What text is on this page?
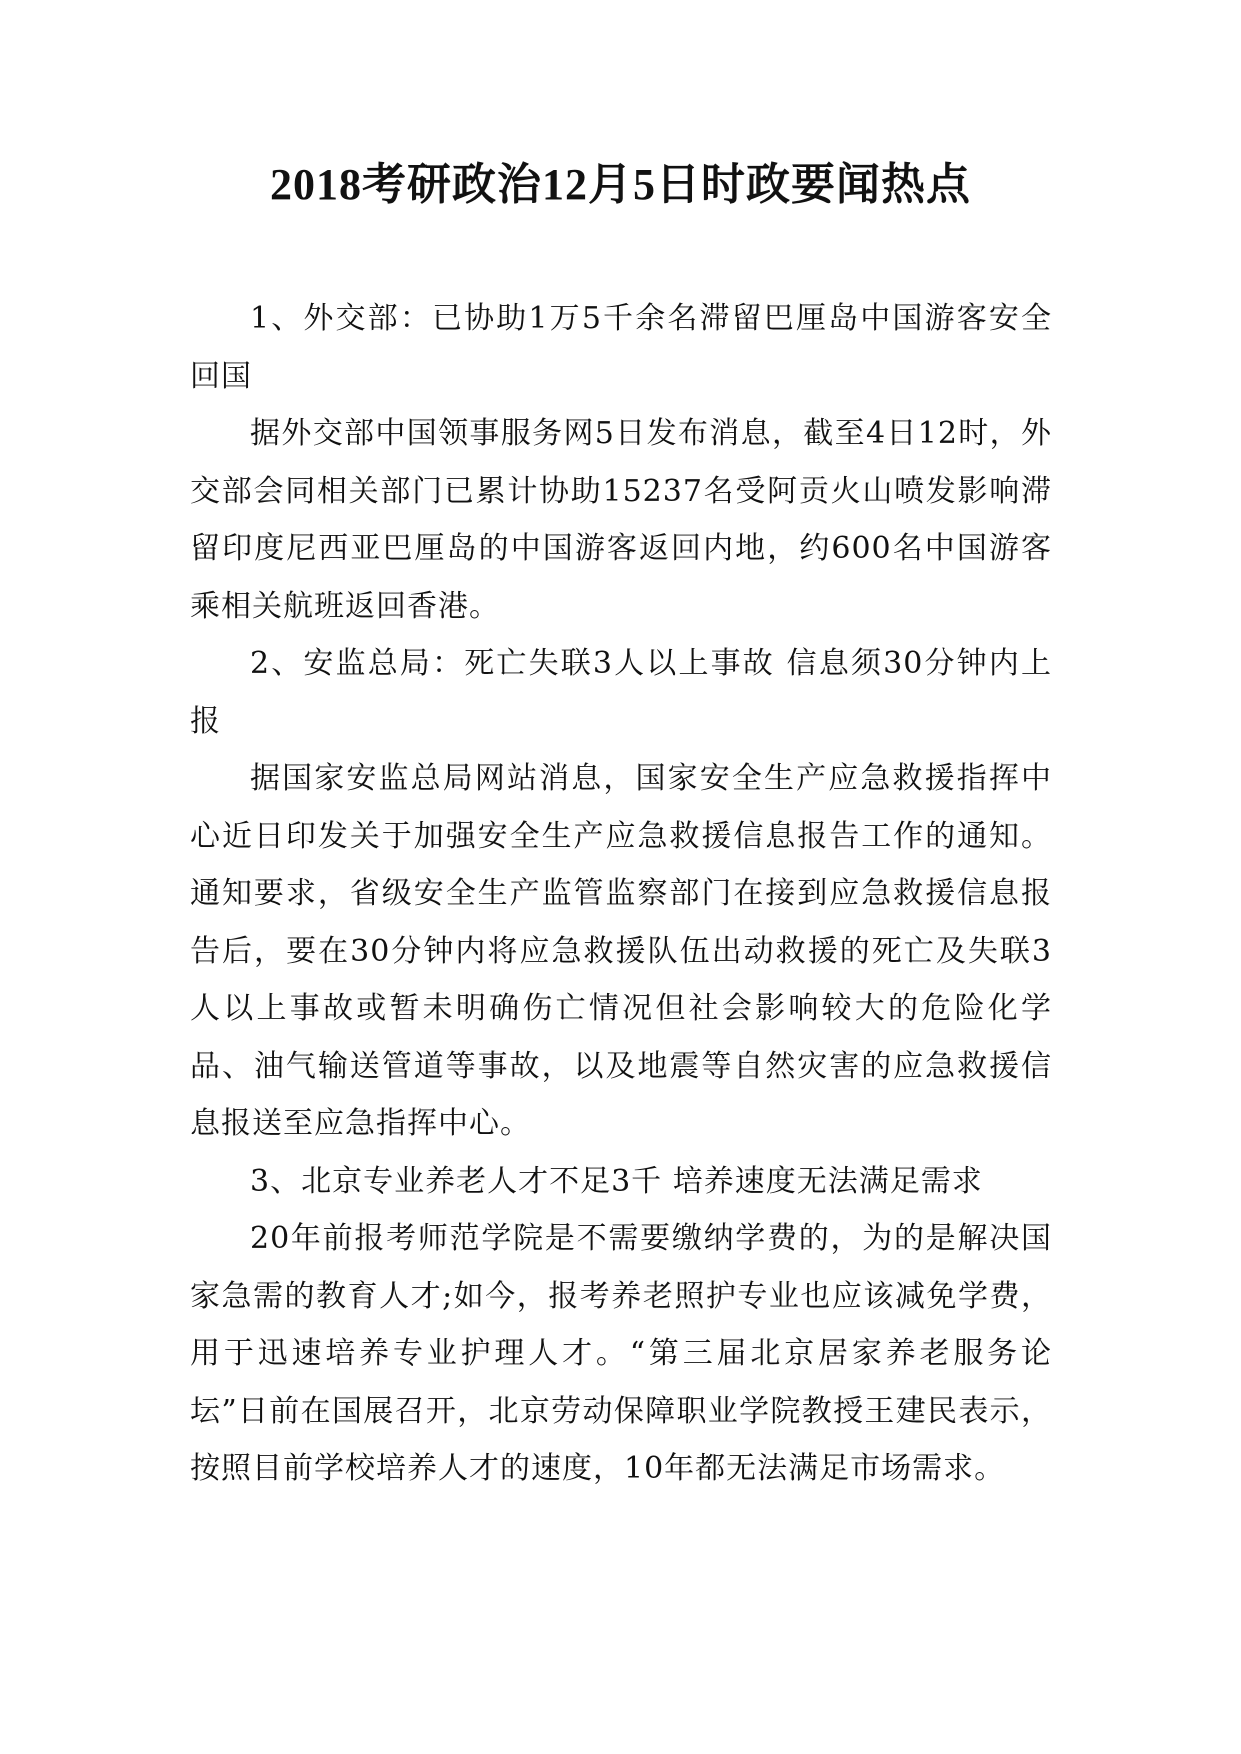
2018考研政治12月5日时政要闻热点

1、外交部：已协助1万5千余名滞留巴厘岛中国游客安全回国

据外交部中国领事服务网5日发布消息，截至4日12时，外交部会同相关部门已累计协助15237名受阿贡火山喷发影响滞留印度尼西亚巴厘岛的中国游客返回内地，约600名中国游客乘相关航班返回香港。

2、安监总局：死亡失联3人以上事故 信息须30分钟内上报

据国家安监总局网站消息，国家安全生产应急救援指挥中心近日印发关于加强安全生产应急救援信息报告工作的通知。通知要求，省级安全生产监管监察部门在接到应急救援信息报告后，要在30分钟内将应急救援队伍出动救援的死亡及失联3人以上事故或暂未明确伤亡情况但社会影响较大的危险化学品、油气输送管道等事故，以及地震等自然灾害的应急救援信息报送至应急指挥中心。

3、北京专业养老人才不足3千 培养速度无法满足需求

20年前报考师范学院是不需要缴纳学费的，为的是解决国家急需的教育人才;如今，报考养老照护专业也应该减免学费，用于迅速培养专业护理人才。“第三届北京居家养老服务论坛”日前在国展召开，北京劳动保障职业学院教授王建民表示，按照目前学校培养人才的速度，10年都无法满足市场需求。
